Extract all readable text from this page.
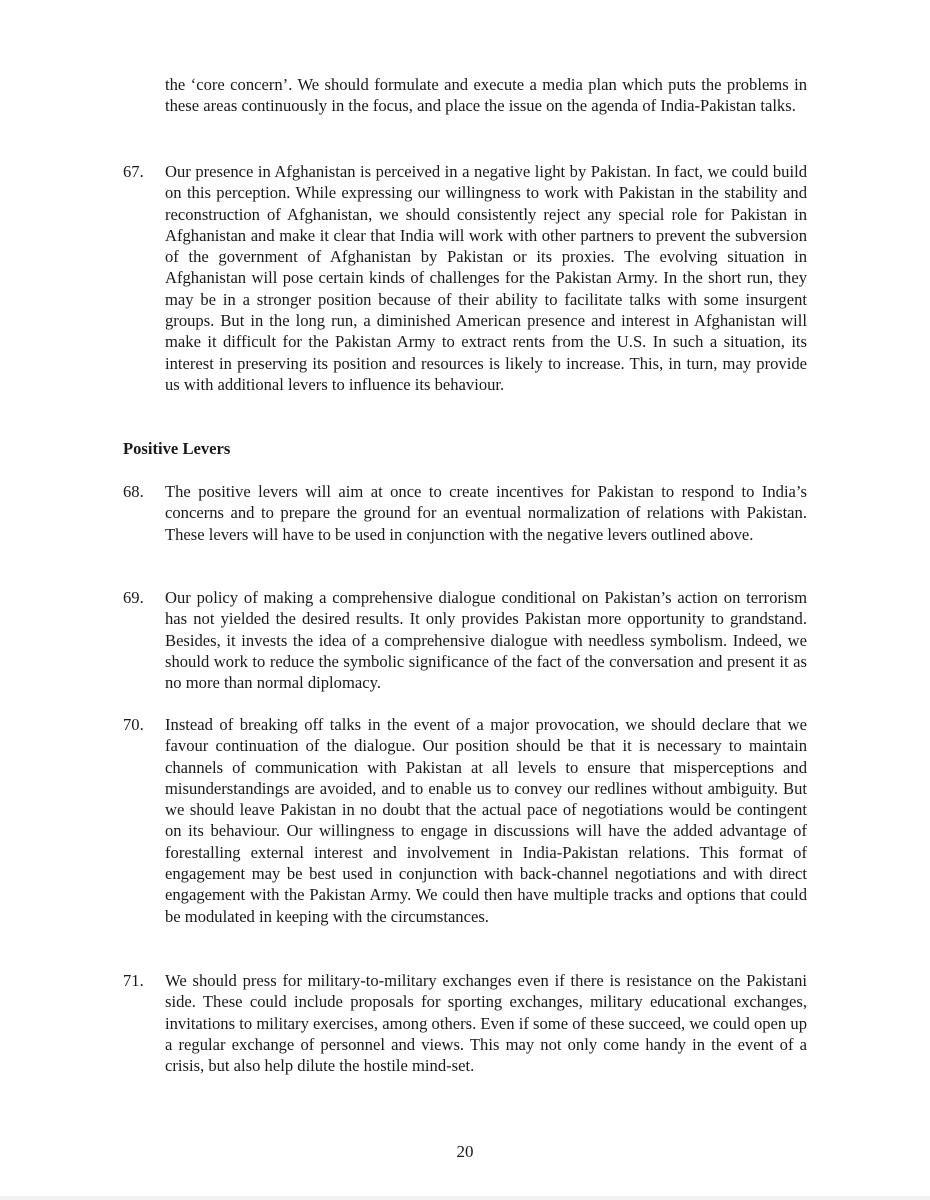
the ‘core concern’. We should formulate and execute a media plan which puts the problems in these areas continuously in the focus, and place the issue on the agenda of India-Pakistan talks.

67.	Our presence in Afghanistan is perceived in a negative light by Pakistan. In fact, we could build on this perception. While expressing our willingness to work with Pakistan in the stability and reconstruction of Afghanistan, we should consistently reject any special role for Pakistan in Afghanistan and make it clear that India will work with other partners to prevent the subversion of the government of Afghanistan by Pakistan or its proxies. The evolving situation in Afghanistan will pose certain kinds of challenges for the Pakistan Army. In the short run, they may be in a stronger position because of their ability to facilitate talks with some insurgent groups. But in the long run, a diminished American presence and interest in Afghanistan will make it difficult for the Pakistan Army to extract rents from the U.S. In such a situation, its interest in preserving its position and resources is likely to increase. This, in turn, may provide us with additional levers to influence its behaviour.

Positive Levers
68.	The positive levers will aim at once to create incentives for Pakistan to respond to India’s concerns and to prepare the ground for an eventual normalization of relations with Pakistan. These levers will have to be used in conjunction with the negative levers outlined above.

69.	Our policy of making a comprehensive dialogue conditional on Pakistan’s action on terrorism has not yielded the desired results. It only provides Pakistan more opportunity to grandstand. Besides, it invests the idea of a comprehensive dialogue with needless symbolism. Indeed, we should work to reduce the symbolic significance of the fact of the conversation and present it as no more than normal diplomacy.

70.	Instead of breaking off talks in the event of a major provocation, we should declare that we favour continuation of the dialogue. Our position should be that it is necessary to maintain channels of communication with Pakistan at all levels to ensure that misperceptions and misunderstandings are avoided, and to enable us to convey our redlines without ambiguity. But we should leave Pakistan in no doubt that the actual pace of negotiations would be contingent on its behaviour. Our willingness to engage in discussions will have the added advantage of forestalling external interest and involvement in India-Pakistan relations. This format of engagement may be best used in conjunction with back-channel negotiations and with direct engagement with the Pakistan Army. We could then have multiple tracks and options that could be modulated in keeping with the circumstances.

71.	We should press for military-to-military exchanges even if there is resistance on the Pakistani side. These could include proposals for sporting exchanges, military educational exchanges, invitations to military exercises, among others. Even if some of these succeed, we could open up a regular exchange of personnel and views. This may not only come handy in the event of a crisis, but also help dilute the hostile mind-set.

20
